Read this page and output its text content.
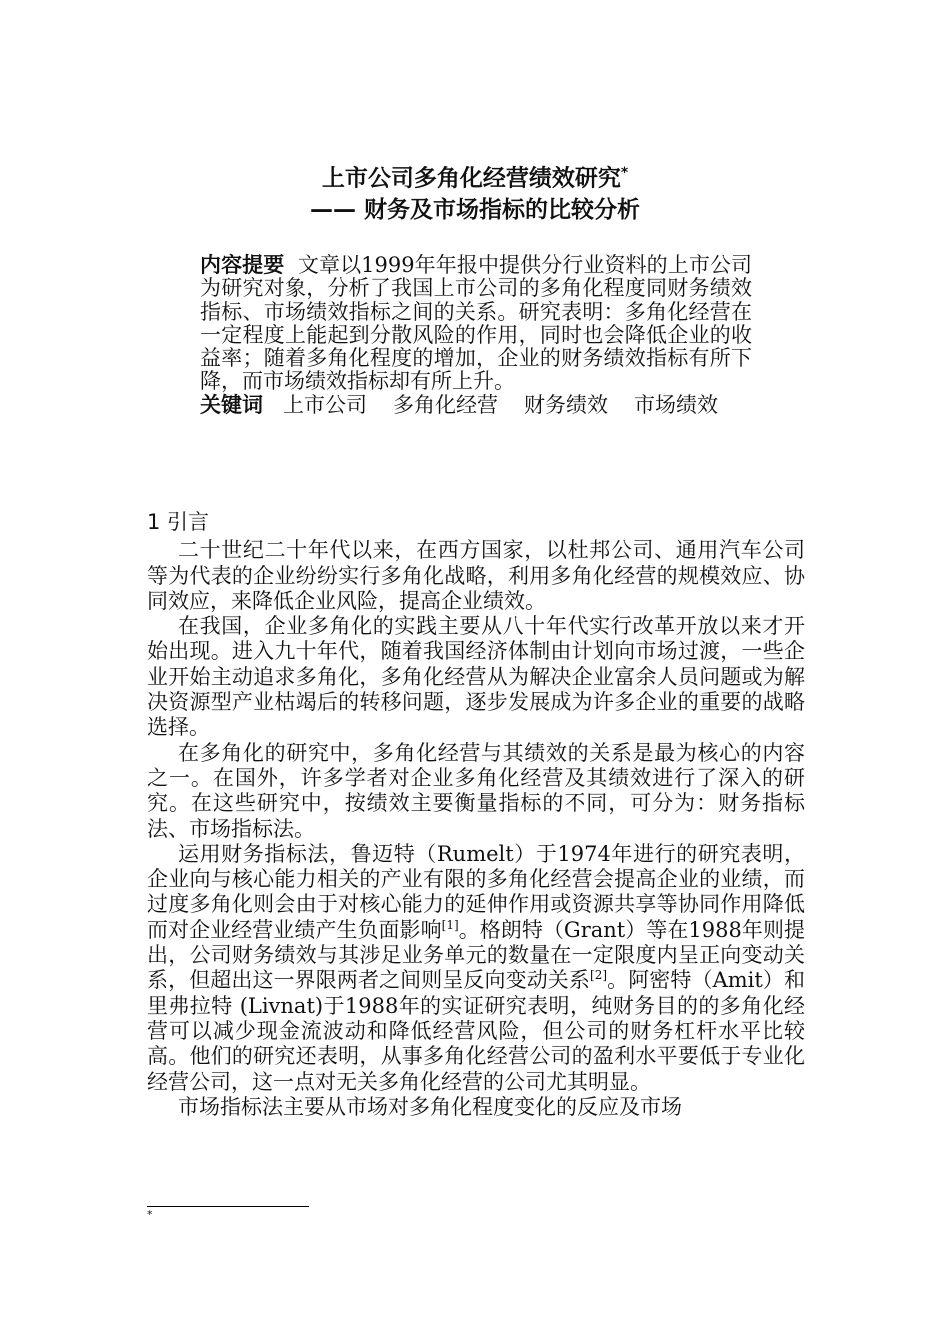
上市公司多角化经营绩效研究*
—— 财务及市场指标的比较分析
内容提要 文章以1999年年报中提供分行业资料的上市公司为研究对象，分析了我国上市公司的多角化程度同财务绩效指标、市场绩效指标之间的关系。研究表明：多角化经营在一定程度上能起到分散风险的作用，同时也会降低企业的收益率；随着多角化程度的增加，企业的财务绩效指标有所下降，而市场绩效指标却有所上升。
关键词 上市公司 多角化经营 财务绩效 市场绩效
1 引言

二十世纪二十年代以来，在西方国家，以杜邦公司、通用汽车公司等为代表的企业纷纷实行多角化战略，利用多角化经营的规模效应、协同效应，来降低企业风险，提高企业绩效。

在我国，企业多角化的实践主要从八十年代实行改革开放以来才开始出现。进入九十年代，随着我国经济体制由计划向市场过渡，一些企业开始主动追求多角化，多角化经营从为解决企业富余人员问题或为解决资源型产业枯竭后的转移问题，逐步发展成为许多企业的重要的战略选择。

在多角化的研究中，多角化经营与其绩效的关系是最为核心的内容之一。在国外，许多学者对企业多角化经营及其绩效进行了深入的研究。在这些研究中，按绩效主要衡量指标的不同，可分为：财务指标法、市场指标法。

运用财务指标法，鲁迈特（Rumelt）于1974年进行的研究表明，企业向与核心能力相关的产业有限的多角化经营会提高企业的业绩，而过度多角化则会由于对核心能力的延伸作用或资源共享等协同作用降低而对企业经营业绩产生负面影响[1]。格朗特（Grant）等在1988年则提出，公司财务绩效与其涉足业务单元的数量在一定限度内呈正向变动关系，但超出这一界限两者之间则呈反向变动关系[2]。阿密特（Amit）和里弗拉特 (Livnat)于1988年的实证研究表明，纯财务目的的多角化经营可以减少现金流波动和降低经营风险，但公司的财务杠杆水平比较高。他们的研究还表明，从事多角化经营公司的盈利水平要低于专业化经营公司，这一点对无关多角化经营的公司尤其明显。

市场指标法主要从市场对多角化程度变化的反应及市场

*
